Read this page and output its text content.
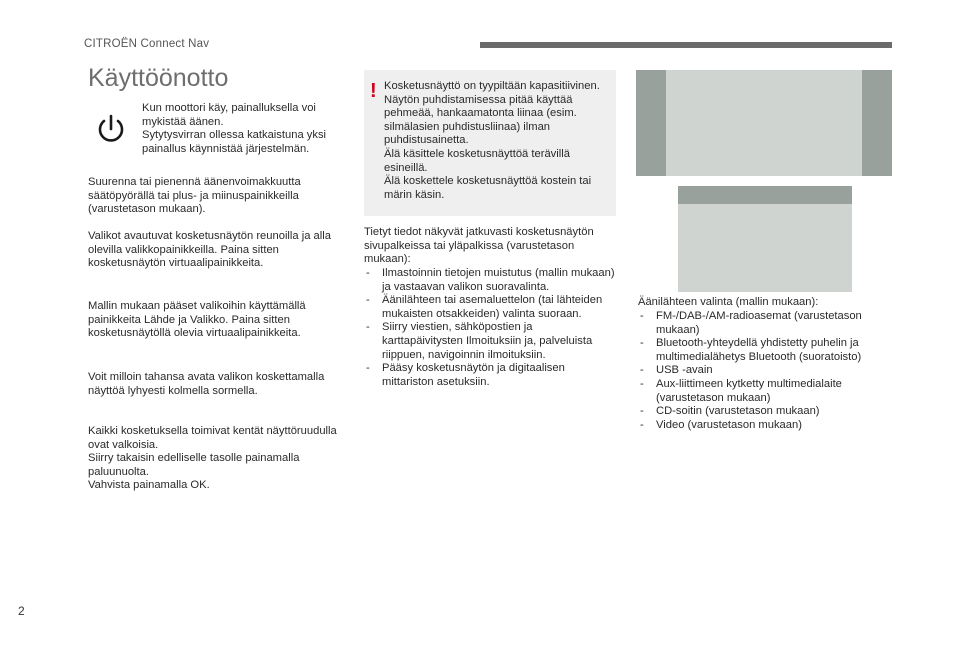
CITROËN Connect Nav
Käyttöönotto
Kun moottori käy, painalluksella voi mykistää äänen.
Sytytysvirran ollessa katkaistuna yksi painallus käynnistää järjestelmän.
Suurenna tai pienennä äänenvoimakkuutta säätöpyörällä tai plus- ja miinuspainikkeilla (varustetason mukaan).
Valikot avautuvat kosketusnäytön reunoilla ja alla olevilla valikkopainikkeilla. Paina sitten kosketusnäytön virtuaalipainikkeita.
Mallin mukaan pääset valikoihin käyttämällä painikkeita Lähde ja Valikko. Paina sitten kosketusnäytöllä olevia virtuaalipainikkeita.
Voit milloin tahansa avata valikon koskettamalla näyttöä lyhyesti kolmella sormella.
Kaikki kosketuksella toimivat kentät näyttöruudulla ovat valkoisia.
Siirry takaisin edelliselle tasolle painamalla paluunuolta.
Vahvista painamalla OK.
! Kosketusnäyttö on tyypiltään kapasitiivinen.
Näytön puhdistamisessa pitää käyttää pehmeää, hankaamatonta liinaa (esim. silmälasien puhdistusliinaa) ilman puhdistusainetta.
Älä käsittele kosketusnäyttöä terävillä esineillä.
Älä koskettele kosketusnäyttöä kostein tai märin käsin.
Tietyt tiedot näkyvät jatkuvasti kosketusnäytön sivupalkeissa tai yläpalkissa (varustetason mukaan):
- Ilmastoinnin tietojen muistutus (mallin mukaan) ja vastaavan valikon suoravalinta.
- Äänilähteen tai asemaluettelon (tai lähteiden mukaisten otsakkeiden) valinta suoraan.
- Siirry viestien, sähköpostien ja karttapäivitysten Ilmoituksiin ja, palveluista riippuen, navigoinnin ilmoituksiin.
- Pääsy kosketusnäytön ja digitaalisen mittariston asetuksiin.
Äänilähteen valinta (mallin mukaan):
- FM-/DAB-/AM-radioasemat (varustetason mukaan)
- Bluetooth-yhteydellä yhdistetty puhelin ja multimedialähetys Bluetooth (suoratoisto)
- USB -avain
- Aux-liittimeen kytketty multimedialaite (varustetason mukaan)
- CD-soitin (varustetason mukaan)
- Video (varustetason mukaan)
2
